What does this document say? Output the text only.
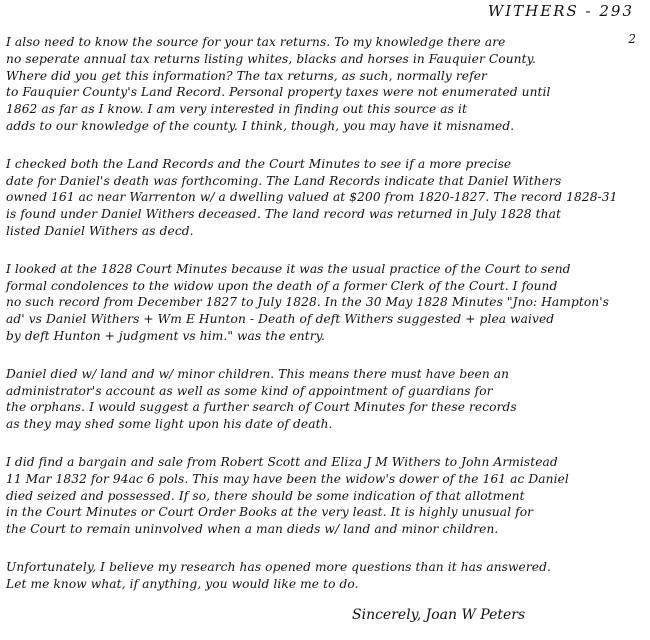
WITHERS - 293
2
I also need to know the source for your tax returns. To my knowledge there are
no seperate annual tax returns listing whites, blacks and horses in Fauquier County.
Where did you get this information? The tax returns, as such, normally refer
to Fauquier County's Land Record. Personal property taxes were not enumerated until
1862 as far as I know. I am very interested in finding out this source as it
adds to our knowledge of the county. I think, though, you may have it misnamed.
I checked both the Land Records and the Court Minutes to see if a more precise
date for Daniel's death was forthcoming. The Land Records indicate that Daniel Withers
owned 161 ac near Warrenton w/ a dwelling valued at $200 from 1820-1827. The record 1828-31
is found under Daniel Withers deceased. The land record was returned in July 1828 that
listed Daniel Withers as decd.
I looked at the 1828 Court Minutes because it was the usual practice of the Court to send
formal condolences to the widow upon the death of a former Clerk of the Court. I found
no such record from December 1827 to July 1828. In the 30 May 1828 Minutes "Jno: Hampton's
ad' vs Daniel Withers + Wm E Hunton - Death of deft Withers suggested + plea waived
by deft Hunton + judgment vs him." was the entry.
Daniel died w/ land and w/ minor children. This means there must have been an
administrator's account as well as some kind of appointment of guardians for
the orphans. I would suggest a further search of Court Minutes for these records
as they may shed some light upon his date of death.
I did find a bargain and sale from Robert Scott and Eliza J M Withers to John Armistead
11 Mar 1832 for 94ac 6 pols. This may have been the widow's dower of the 161 ac Daniel
died seized and possessed. If so, there should be some indication of that allotment
in the Court Minutes or Court Order Books at the very least. It is highly unusual for
the Court to remain uninvolved when a man dieds w/ land and minor children.
Unfortunately, I believe my research has opened more questions than it has answered.
Let me know what, if anything, you would like me to do.
Sincerely, Joan W Peters
